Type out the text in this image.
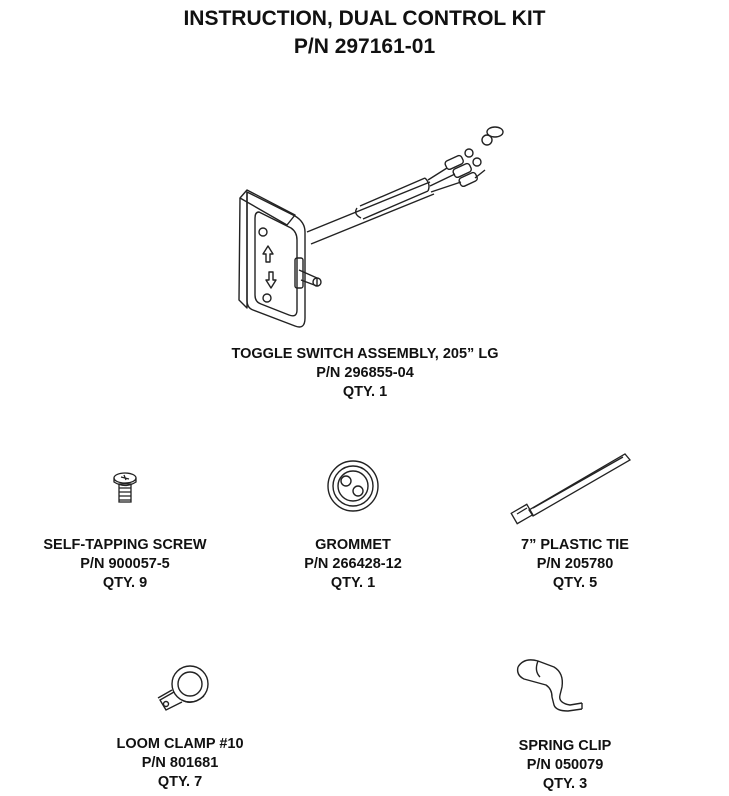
INSTRUCTION, DUAL CONTROL KIT
P/N 297161-01
TOGGLE SWITCH ASSEMBLY, 205” LG
P/N 296855-04
QTY. 1
SELF-TAPPING SCREW
P/N 900057-5
QTY. 9
GROMMET
P/N 266428-12
QTY. 1
7” PLASTIC TIE
P/N 205780
QTY. 5
LOOM CLAMP #10
P/N 801681
QTY. 7
SPRING CLIP
P/N 050079
QTY. 3
